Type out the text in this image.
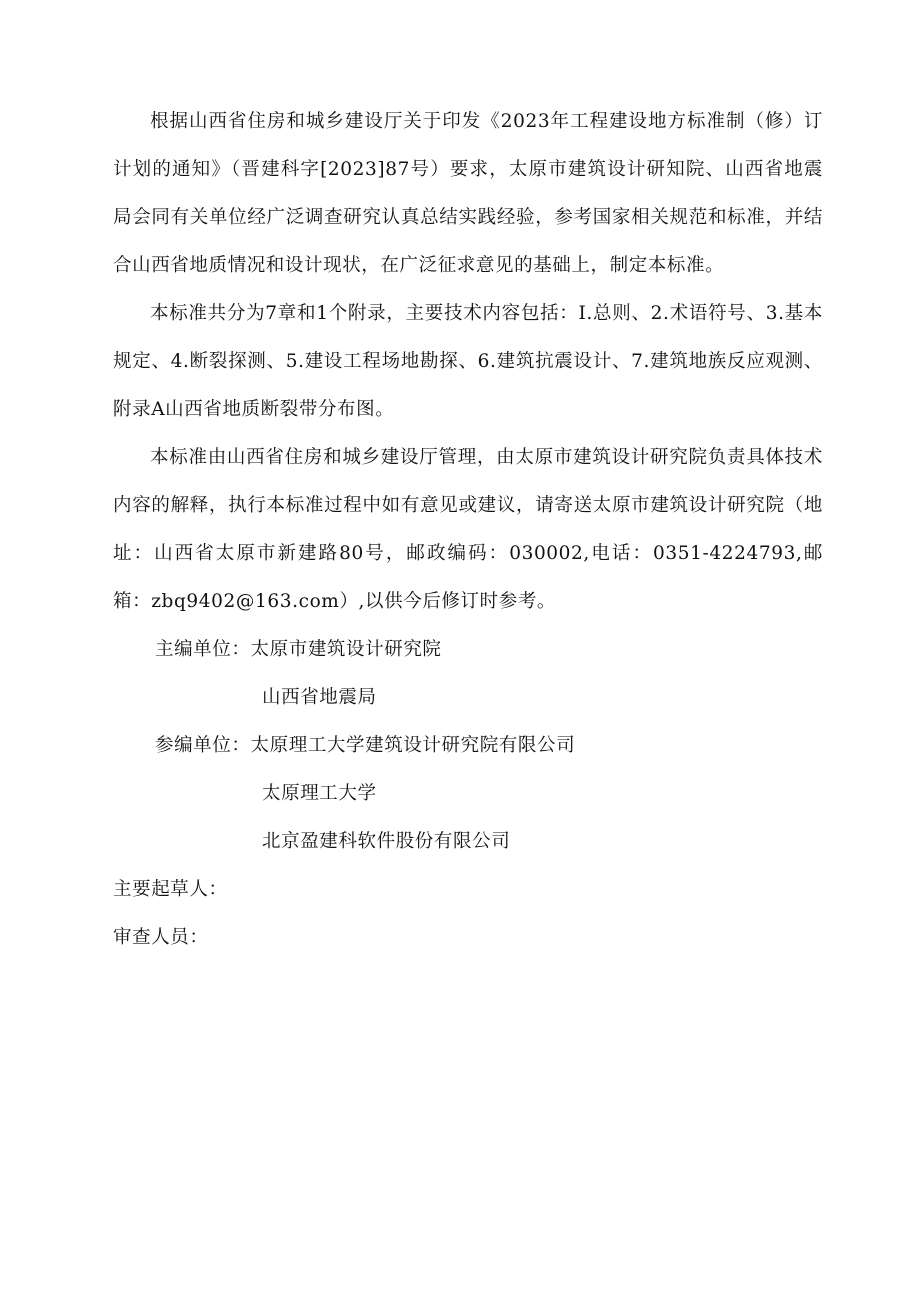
根据山西省住房和城乡建设厅关于印发《2023年工程建设地方标准制（修）订计划的通知》（晋建科字[2023]87号）要求，太原市建筑设计研知院、山西省地震局会同有关单位经广泛调查研究认真总结实践经验，参考国家相关规范和标准，并结合山西省地质情况和设计现状，在广泛征求意见的基础上，制定本标准。

本标准共分为7章和1个附录，主要技术内容包括：I.总则、2.术语符号、3.基本规定、4.断裂探测、5.建设工程场地勘探、6.建筑抗震设计、7.建筑地族反应观测、附录A山西省地质断裂带分布图。

本标准由山西省住房和城乡建设厅管理，由太原市建筑设计研究院负责具体技术内容的解释，执行本标准过程中如有意见或建议，请寄送太原市建筑设计研究院（地址：山西省太原市新建路80号，邮政编码：030002,电话：0351-4224793,邮箱：zbq9402@163.com）,以供今后修订时参考。

主编单位：太原市建筑设计研究院
山西省地震局
参编单位：太原理工大学建筑设计研究院有限公司
太原理工大学
北京盈建科软件股份有限公司
主要起草人：
审查人员：
